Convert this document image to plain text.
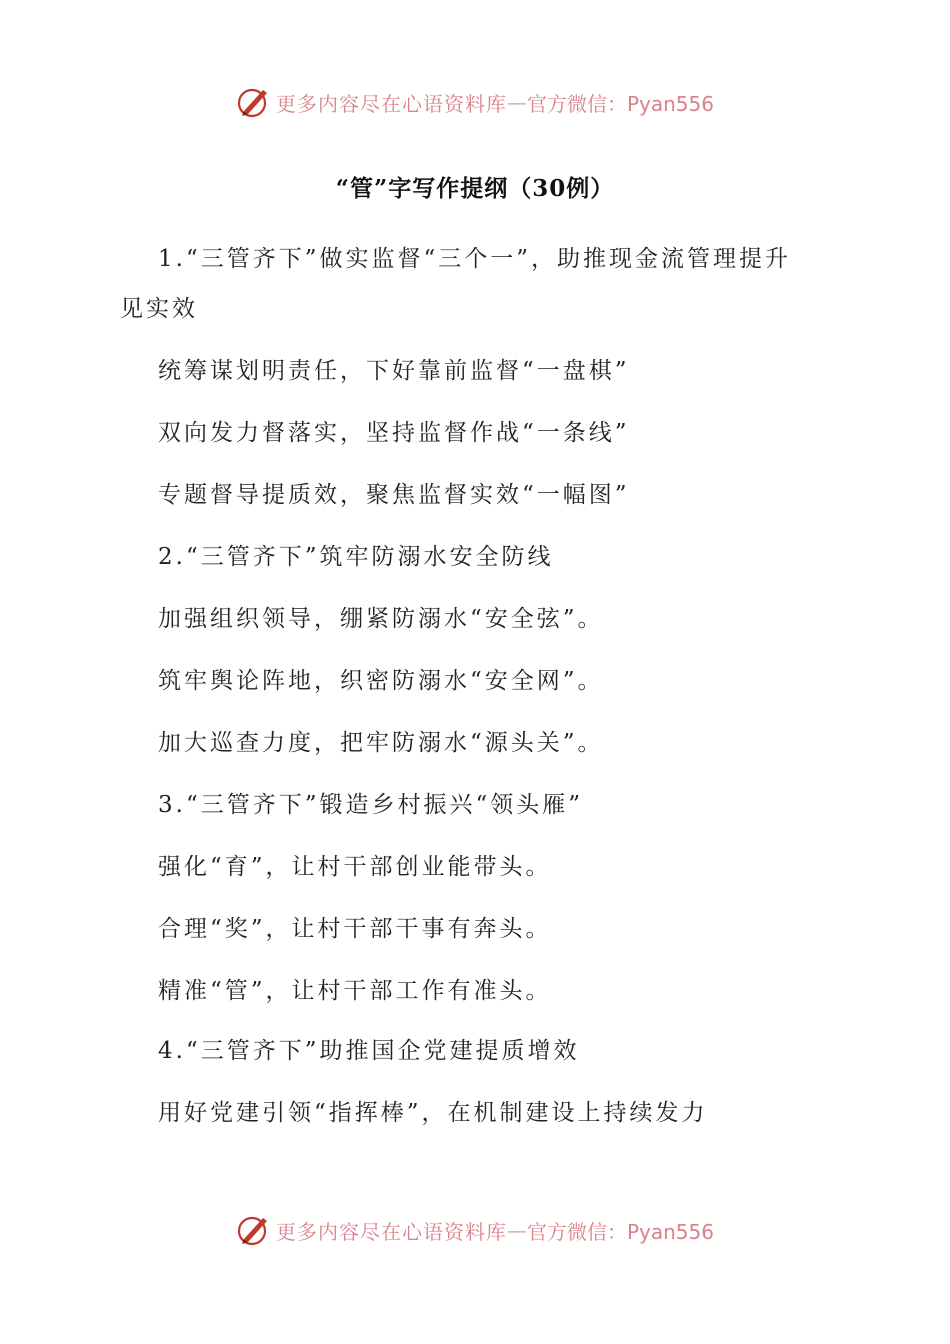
更多内容尽在心语资料库 — 官方微信：Pyan556
“管”字写作提纲（30例）
1.“三管齐下”做实监督“三个一”，助推现金流管理提升
见实效
统筹谋划明责任，下好靠前监督“一盘棋”
双向发力督落实，坚持监督作战“一条线”
专题督导提质效，聚焦监督实效“一幅图”
2.“三管齐下”筑牢防溺水安全防线
加强组织领导，绷紧防溺水“安全弦”。
筑牢舆论阵地，织密防溺水“安全网”。
加大巡查力度，把牢防溺水“源头关”。
3.“三管齐下”锻造乡村振兴“领头雁”
强化“育”，让村干部创业能带头。
合理“奖”，让村干部干事有奔头。
精准“管”，让村干部工作有准头。
4.“三管齐下”助推国企党建提质增效
用好党建引领“指挥棒”，在机制建设上持续发力
更多内容尽在心语资料库 — 官方微信：Pyan556
